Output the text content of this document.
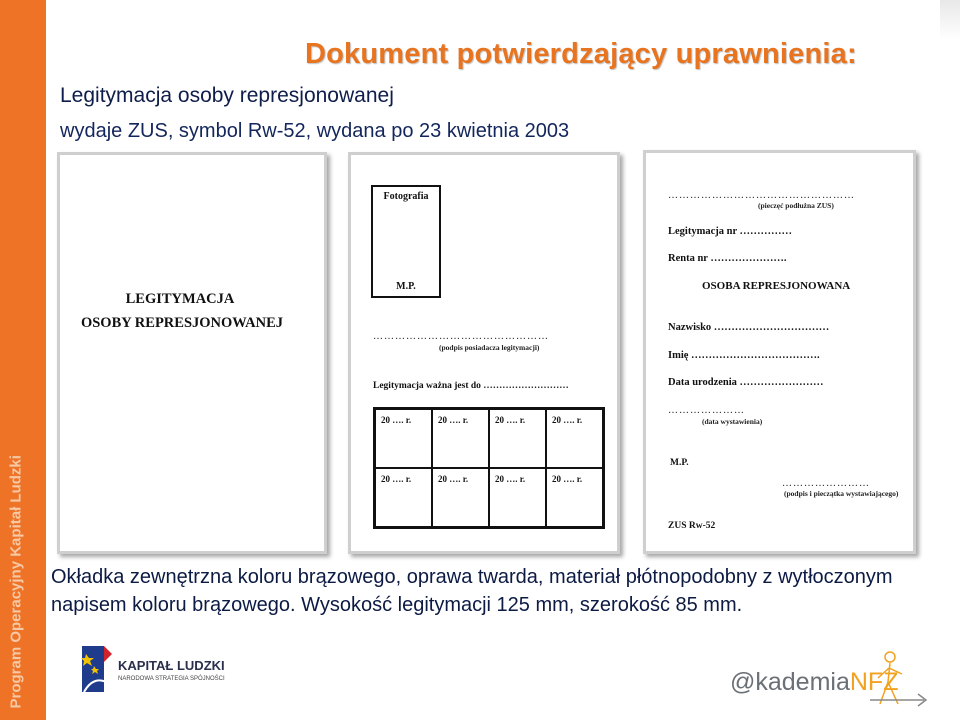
Program Operacyjny Kapitał Ludzki
Dokument potwierdzający uprawnienia:
Legitymacja osoby represjonowanej
wydaje ZUS, symbol Rw-52, wydana po 23 kwietnia 2003
LEGITYMACJA
OSOBY REPRESJONOWANEJ
Fotografia
M.P.
…………………………………………
(podpis posiadacza legitymacji)
Legitymacja ważna jest do ………………………
20 …. r.	20 …. r.	20 …. r.	20 …. r.
20 …. r.	20 …. r.	20 …. r.	20 …. r.
……………………………………………
(pieczęć podłużna ZUS)
Legitymacja nr ……………
Renta nr ………………….
OSOBA REPRESJONOWANA
Nazwisko ……………………………
Imię ……………………………….
Data urodzenia ……………………
…………………
(data wystawienia)
M.P.
……………………
(podpis i pieczątka wystawiającego)
ZUS Rw-52
Okładka zewnętrzna koloru brązowego, oprawa twarda, materiał płótnopodobny z wytłoczonym napisem koloru brązowego. Wysokość legitymacji 125 mm, szerokość 85 mm.
KAPITAŁ LUDZKI
NARODOWA STRATEGIA SPÓJNOŚCI	@kademiaNFZ
